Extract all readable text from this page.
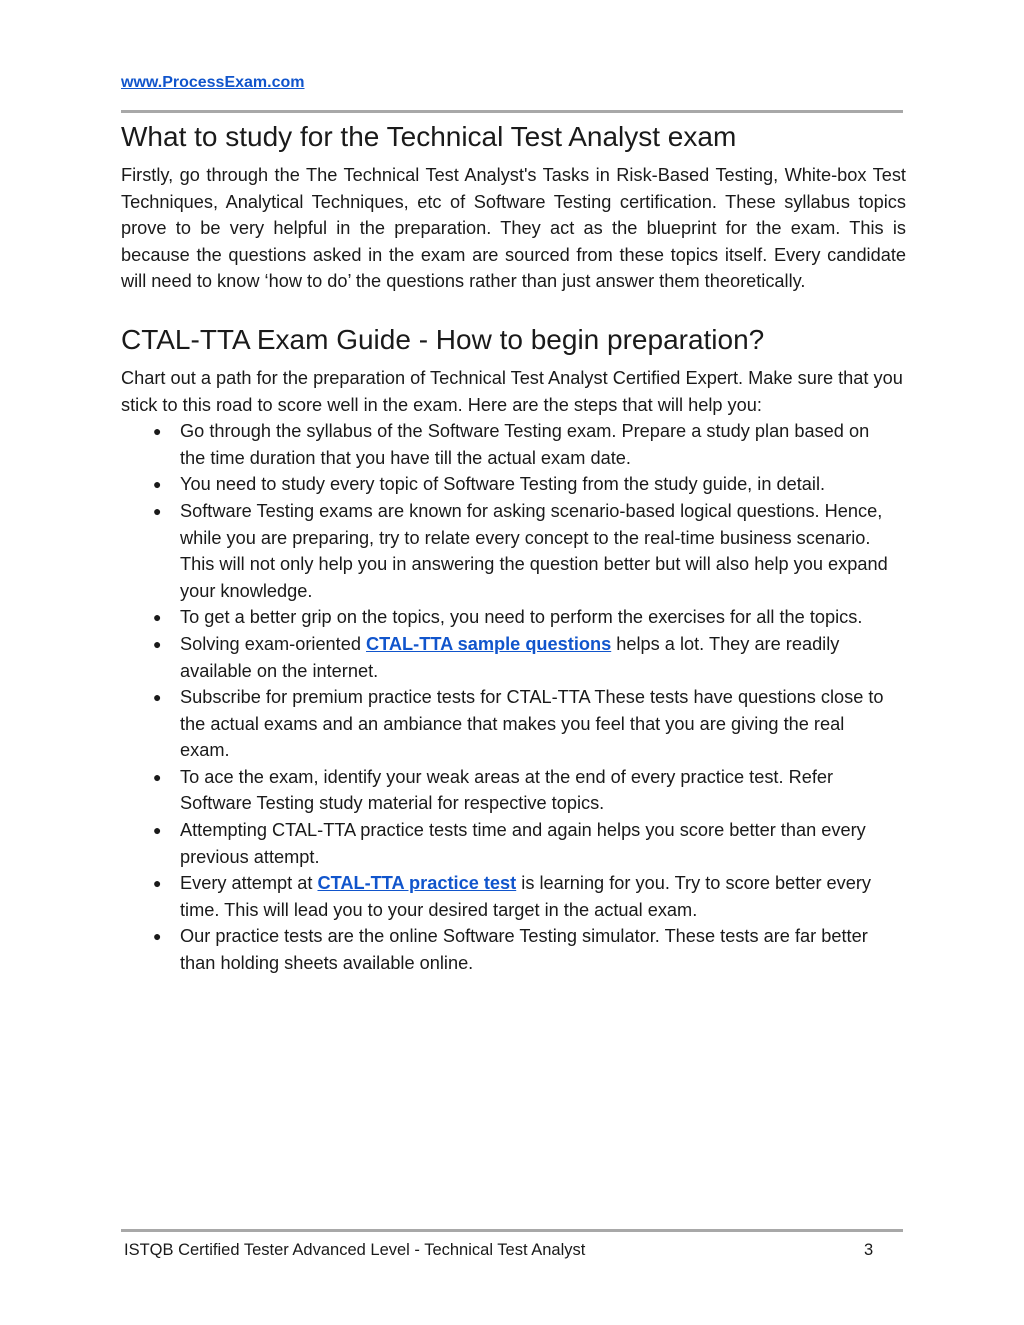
www.ProcessExam.com
What to study for the Technical Test Analyst exam

Firstly, go through the The Technical Test Analyst's Tasks in Risk-Based Testing, White-box Test Techniques, Analytical Techniques, etc of Software Testing certification. These syllabus topics prove to be very helpful in the preparation. They act as the blueprint for the exam. This is because the questions asked in the exam are sourced from these topics itself. Every candidate will need to know ‘how to do’ the questions rather than just answer them theoretically.

CTAL-TTA Exam Guide - How to begin preparation?

Chart out a path for the preparation of Technical Test Analyst Certified Expert. Make sure that you stick to this road to score well in the exam. Here are the steps that will help you:

● Go through the syllabus of the Software Testing exam. Prepare a study plan based on the time duration that you have till the actual exam date.
● You need to study every topic of Software Testing from the study guide, in detail.
● Software Testing exams are known for asking scenario-based logical questions. Hence, while you are preparing, try to relate every concept to the real-time business scenario. This will not only help you in answering the question better but will also help you expand your knowledge.
● To get a better grip on the topics, you need to perform the exercises for all the topics.
● Solving exam-oriented CTAL-TTA sample questions helps a lot. They are readily available on the internet.
● Subscribe for premium practice tests for CTAL-TTA These tests have questions close to the actual exams and an ambiance that makes you feel that you are giving the real exam.
● To ace the exam, identify your weak areas at the end of every practice test. Refer Software Testing study material for respective topics.
● Attempting CTAL-TTA practice tests time and again helps you score better than every previous attempt.
● Every attempt at CTAL-TTA practice test is learning for you. Try to score better every time. This will lead you to your desired target in the actual exam.
● Our practice tests are the online Software Testing simulator. These tests are far better than holding sheets available online.
ISTQB Certified Tester Advanced Level - Technical Test Analyst	3
